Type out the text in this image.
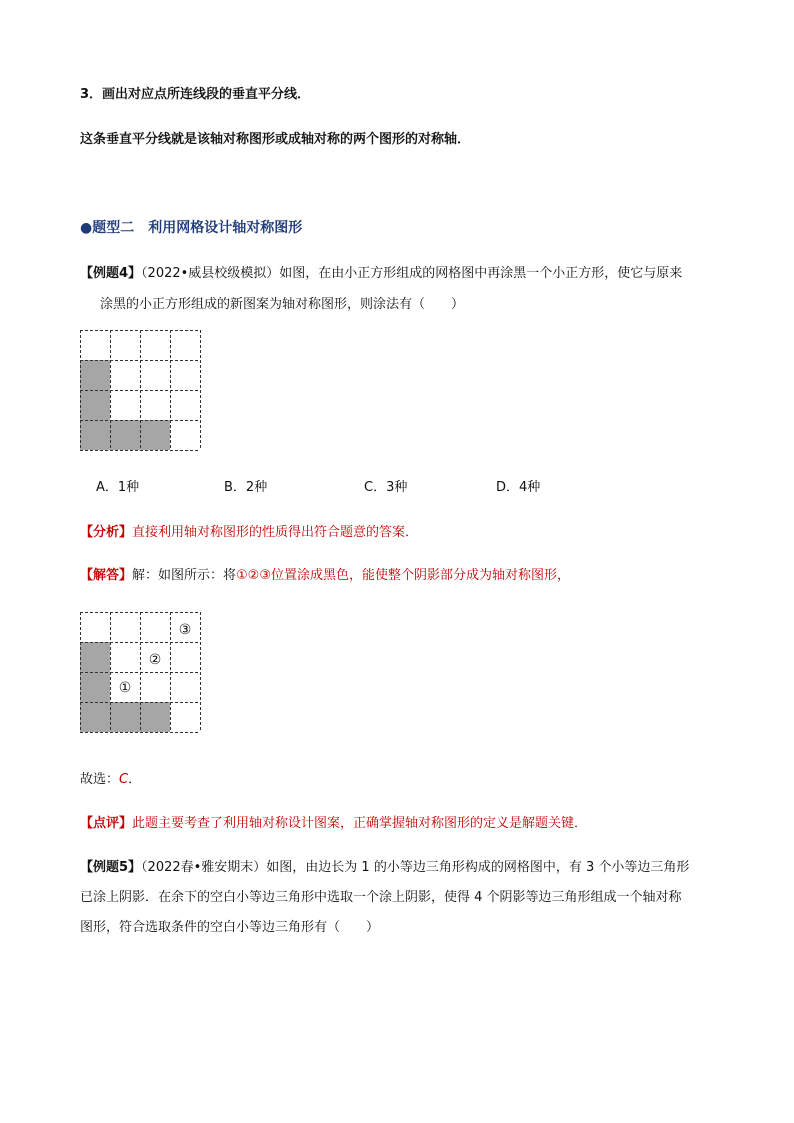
3．画出对应点所连线段的垂直平分线．
这条垂直平分线就是该轴对称图形或成轴对称的两个图形的对称轴．
●题型二　利用网格设计轴对称图形
【例题4】（2022•威县校级模拟）如图，在由小正方形组成的网格图中再涂黑一个小正方形，使它与原来
涂黑的小正方形组成的新图案为轴对称图形，则涂法有（　　）
A．1种	B．2种	C．3种	D．4种
【分析】直接利用轴对称图形的性质得出符合题意的答案．
【解答】解：如图所示：将①②③位置涂成黑色，能使整个阴影部分成为轴对称图形，
①
②
③
故选：C．
【点评】此题主要考查了利用轴对称设计图案，正确掌握轴对称图形的定义是解题关键．
【例题5】（2022春•雅安期末）如图，由边长为 1 的小等边三角形构成的网格图中，有 3 个小等边三角形
已涂上阴影．在余下的空白小等边三角形中选取一个涂上阴影，使得 4 个阴影等边三角形组成一个轴对称
图形，符合选取条件的空白小等边三角形有（　　）
